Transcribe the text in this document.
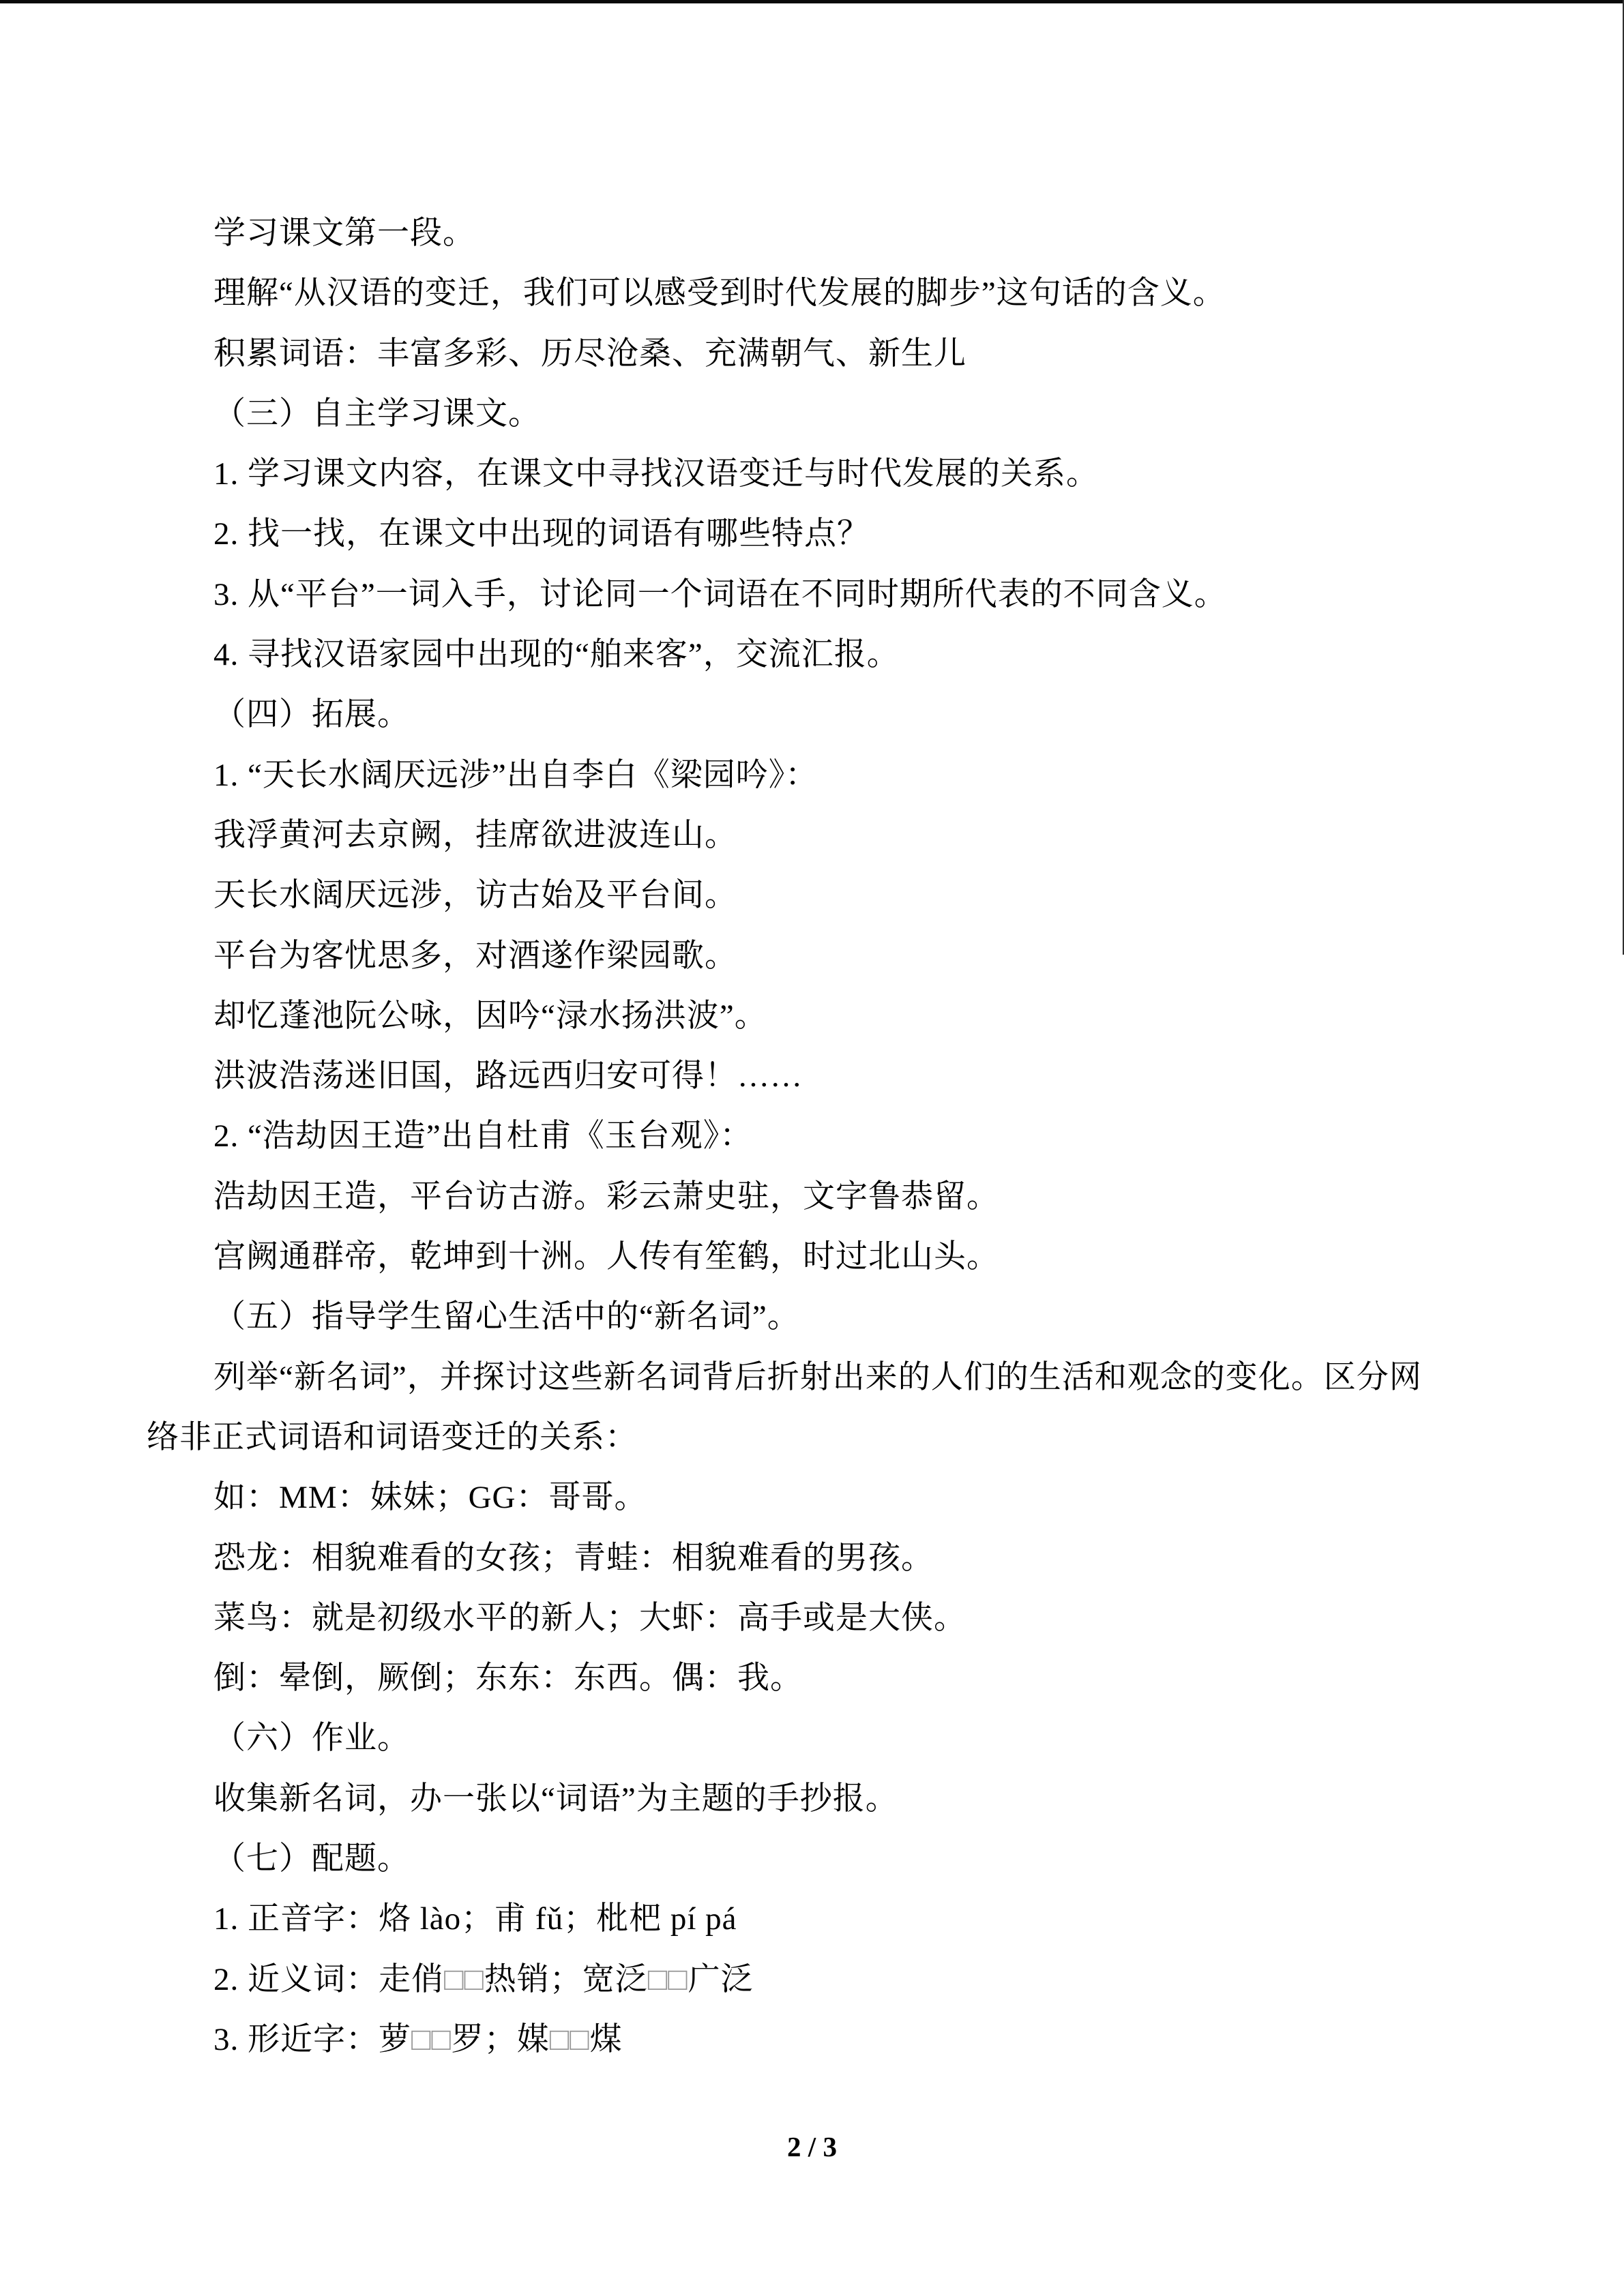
学习课文第一段。

理解“从汉语的变迁，我们可以感受到时代发展的脚步”这句话的含义。

积累词语：丰富多彩、历尽沧桑、充满朝气、新生儿

（三）自主学习课文。

1. 学习课文内容，在课文中寻找汉语变迁与时代发展的关系。

2. 找一找，在课文中出现的词语有哪些特点？

3. 从“平台”一词入手，讨论同一个词语在不同时期所代表的不同含义。

4. 寻找汉语家园中出现的“舶来客”，交流汇报。

（四）拓展。

1. “天长水阔厌远涉”出自李白《梁园吟》：

我浮黄河去京阙，挂席欲进波连山。

天长水阔厌远涉，访古始及平台间。

平台为客忧思多，对酒遂作梁园歌。

却忆蓬池阮公咏，因吟“渌水扬洪波”。

洪波浩荡迷旧国，路远西归安可得！……

2. “浩劫因王造”出自杜甫《玉台观》：

浩劫因王造，平台访古游。彩云萧史驻，文字鲁恭留。

宫阙通群帝，乾坤到十洲。人传有笙鹤，时过北山头。

（五）指导学生留心生活中的“新名词”。

列举“新名词”，并探讨这些新名词背后折射出来的人们的生活和观念的变化。区分网

络非正式词语和词语变迁的关系：

如：MM：妹妹；GG：哥哥。

恐龙：相貌难看的女孩；青蛙：相貌难看的男孩。

菜鸟：就是初级水平的新人；大虾：高手或是大侠。

倒：晕倒，厥倒；东东：东西。偶：我。

（六）作业。

收集新名词，办一张以“词语”为主题的手抄报。

（七）配题。

1. 正音字：烙 lào；甫 fǔ；枇杷 pí pá

2. 近义词：走俏□□热销；宽泛□□广泛

3. 形近字：萝□□罗；媒□□煤

2 / 3
